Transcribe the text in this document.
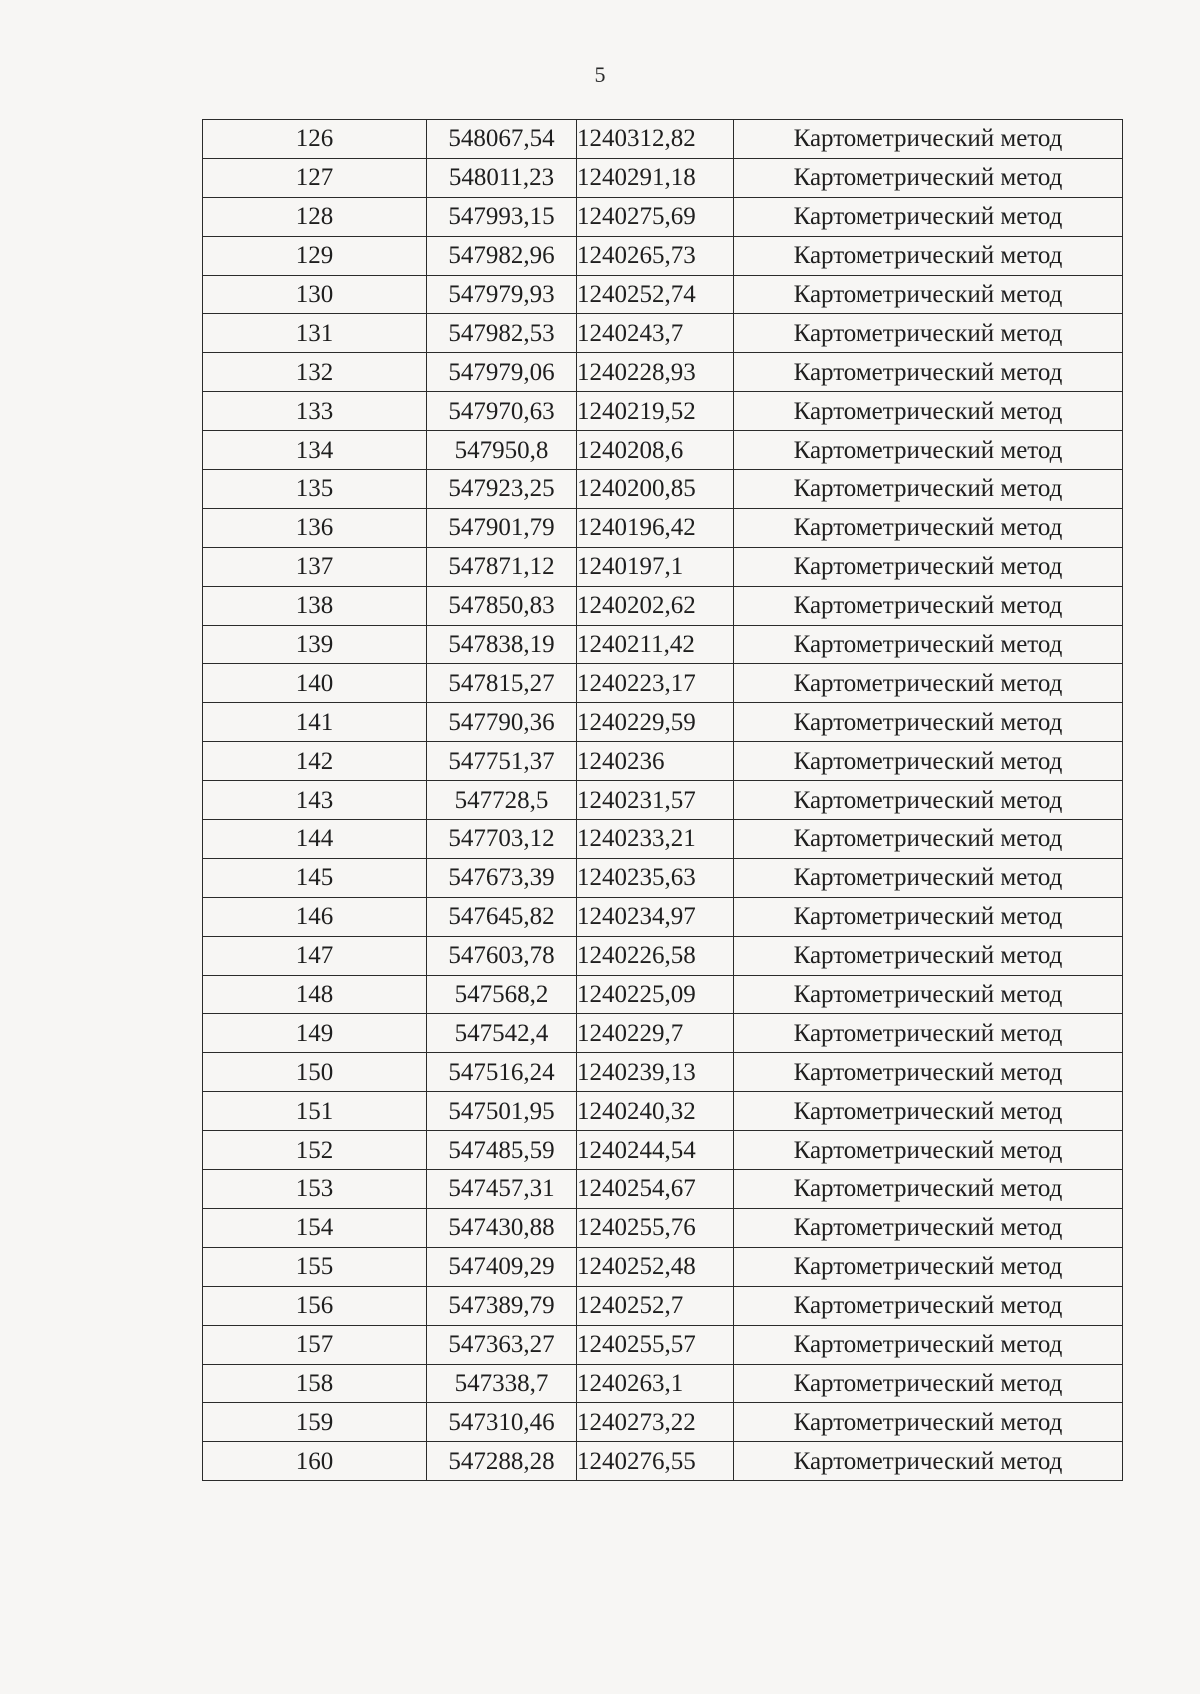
5
126	548067,54	1240312,82	Картометрический метод
127	548011,23	1240291,18	Картометрический метод
128	547993,15	1240275,69	Картометрический метод
129	547982,96	1240265,73	Картометрический метод
130	547979,93	1240252,74	Картометрический метод
131	547982,53	1240243,7	Картометрический метод
132	547979,06	1240228,93	Картометрический метод
133	547970,63	1240219,52	Картометрический метод
134	547950,8	1240208,6	Картометрический метод
135	547923,25	1240200,85	Картометрический метод
136	547901,79	1240196,42	Картометрический метод
137	547871,12	1240197,1	Картометрический метод
138	547850,83	1240202,62	Картометрический метод
139	547838,19	1240211,42	Картометрический метод
140	547815,27	1240223,17	Картометрический метод
141	547790,36	1240229,59	Картометрический метод
142	547751,37	1240236	Картометрический метод
143	547728,5	1240231,57	Картометрический метод
144	547703,12	1240233,21	Картометрический метод
145	547673,39	1240235,63	Картометрический метод
146	547645,82	1240234,97	Картометрический метод
147	547603,78	1240226,58	Картометрический метод
148	547568,2	1240225,09	Картометрический метод
149	547542,4	1240229,7	Картометрический метод
150	547516,24	1240239,13	Картометрический метод
151	547501,95	1240240,32	Картометрический метод
152	547485,59	1240244,54	Картометрический метод
153	547457,31	1240254,67	Картометрический метод
154	547430,88	1240255,76	Картометрический метод
155	547409,29	1240252,48	Картометрический метод
156	547389,79	1240252,7	Картометрический метод
157	547363,27	1240255,57	Картометрический метод
158	547338,7	1240263,1	Картометрический метод
159	547310,46	1240273,22	Картометрический метод
160	547288,28	1240276,55	Картометрический метод
